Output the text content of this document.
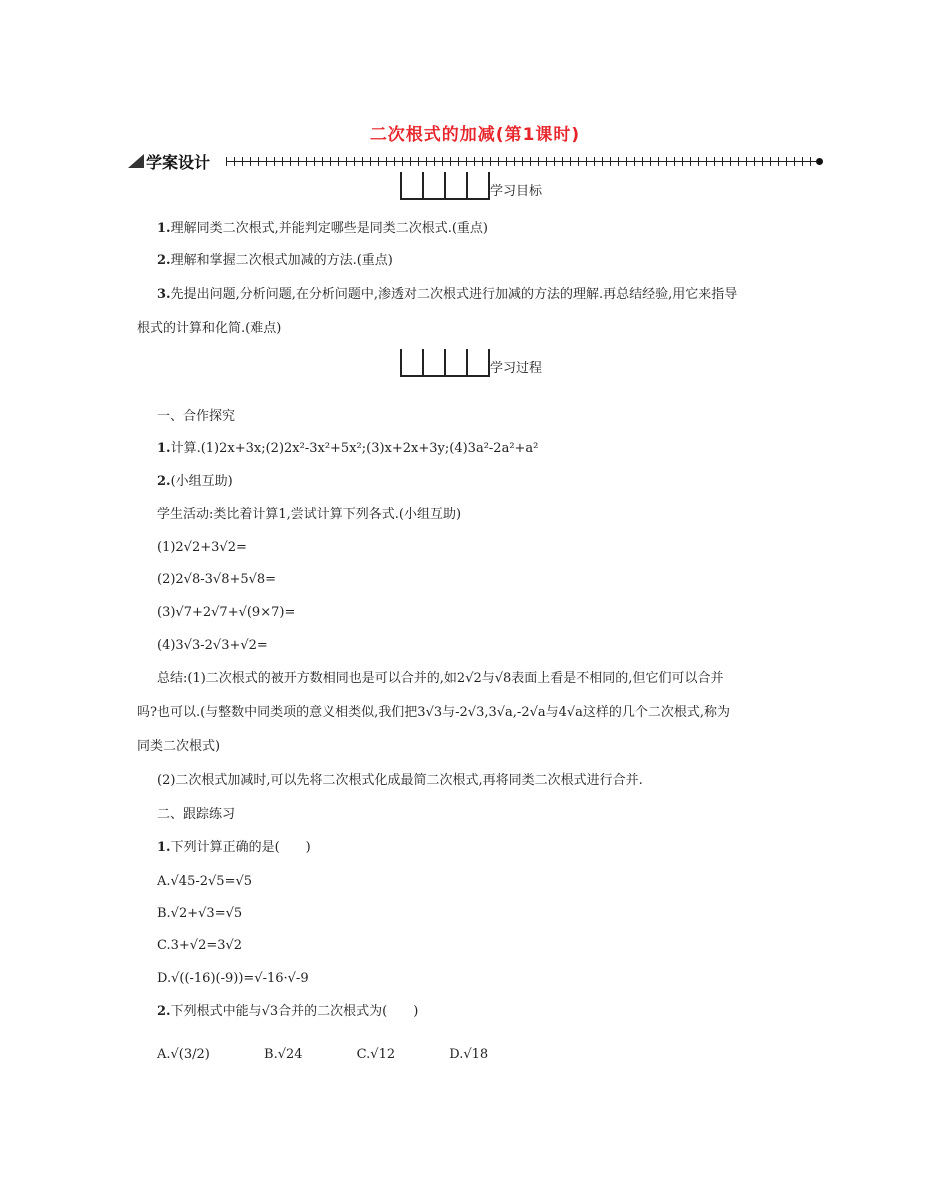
二次根式的加减(第1课时)
学案设计
学习目标
1.理解同类二次根式,并能判定哪些是同类二次根式.(重点)
2.理解和掌握二次根式加减的方法.(重点)
3.先提出问题,分析问题,在分析问题中,渗透对二次根式进行加减的方法的理解.再总结经验,用它来指导
根式的计算和化简.(难点)
学习过程
一、合作探究
1.计算.(1)2x+3x;(2)2x²-3x²+5x²;(3)x+2x+3y;(4)3a²-2a²+a²
2.(小组互助)
学生活动:类比着计算1,尝试计算下列各式.(小组互助)
(1)2√2+3√2=
(2)2√8-3√8+5√8=
(3)√7+2√7+√(9×7)=
(4)3√3-2√3+√2=
总结:(1)二次根式的被开方数相同也是可以合并的,如2√2与√8表面上看是不相同的,但它们可以合并
吗?也可以.(与整数中同类项的意义相类似,我们把3√3与-2√3,3√a,-2√a与4√a这样的几个二次根式,称为
同类二次根式)
(2)二次根式加减时,可以先将二次根式化成最简二次根式,再将同类二次根式进行合并.
二、跟踪练习
1.下列计算正确的是(　　)
A.√45-2√5=√5
B.√2+√3=√5
C.3+√2=3√2
D.√((-16)(-9))=√-16·√-9
2.下列根式中能与√3合并的二次根式为(　　)
A.√(3/2)	B.√24	C.√12	D.√18
